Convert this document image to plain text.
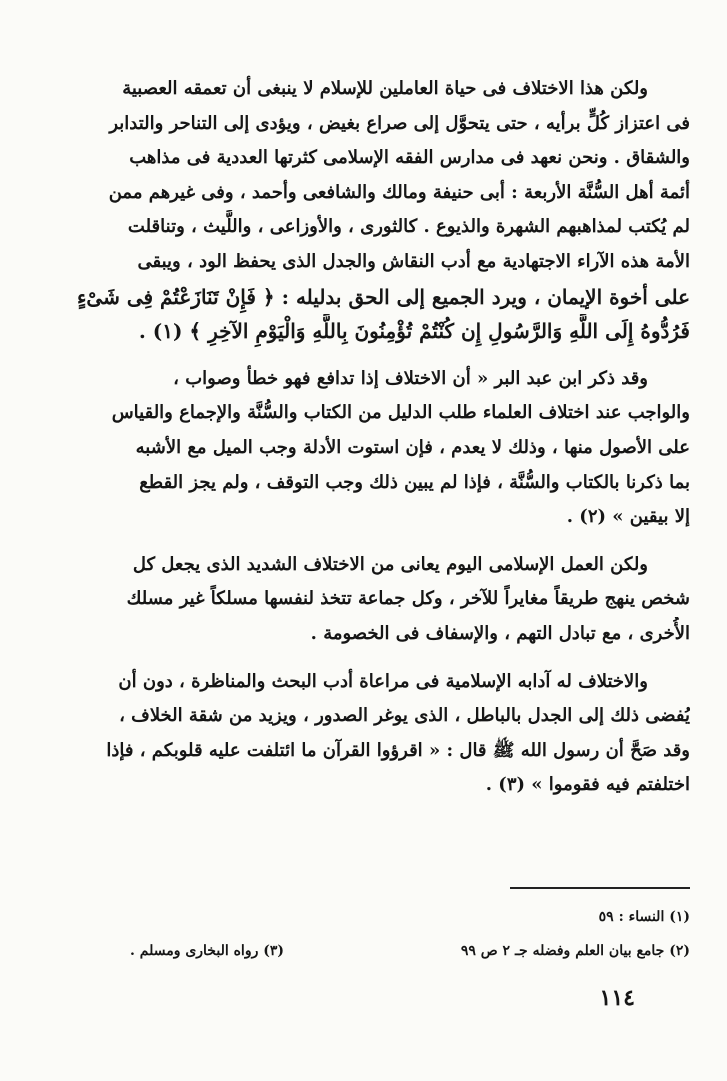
ولكن هذا الاختلاف فى حياة العاملين للإسلام لا ينبغى أن تعمقه العصبية
فى اعتزاز كُلٍّ برأيه ، حتى يتحوَّل إلى صراع بغيض ، ويؤدى إلى التناحر والتدابر
والشقاق . ونحن نعهد فى مدارس الفقه الإسلامى كثرتها العددية فى مذاهب
أئمة أهل السُّنَّة الأربعة : أبى حنيفة ومالك والشافعى وأحمد ، وفى غيرهم ممن
لم يُكتب لمذاهبهم الشهرة والذيوع . كالثورى ، والأوزاعى ، واللَّيث ، وتناقلت
الأمة هذه الآراء الاجتهادية مع أدب النقاش والجدل الذى يحفظ الود ، ويبقى
على أخوة الإيمان ، ويرد الجميع إلى الحق بدليله : ﴿ فَإِنْ تَنَازَعْتُمْ فِى شَىْءٍ
فَرُدُّوهُ إِلَى اللَّهِ وَالرَّسُولِ إِن كُنْتُمْ تُؤْمِنُونَ بِاللَّهِ وَالْيَوْمِ الآخِرِ ﴾ (١) .
وقد ذكر ابن عبد البر « أن الاختلاف إذا تدافع فهو خطأ وصواب ،
والواجب عند اختلاف العلماء طلب الدليل من الكتاب والسُّنَّة والإجماع والقياس
على الأصول منها ، وذلك لا يعدم ، فإن استوت الأدلة وجب الميل مع الأشبه
بما ذكرنا بالكتاب والسُّنَّة ، فإذا لم يبين ذلك وجب التوقف ، ولم يجز القطع
إلا بيقين » (٢) .
ولكن العمل الإسلامى اليوم يعانى من الاختلاف الشديد الذى يجعل كل
شخص ينهج طريقاً مغايراً للآخر ، وكل جماعة تتخذ لنفسها مسلكاً غير مسلك
الأُخرى ، مع تبادل التهم ، والإسفاف فى الخصومة .
والاختلاف له آدابه الإسلامية فى مراعاة أدب البحث والمناظرة ، دون أن
يُفضى ذلك إلى الجدل بالباطل ، الذى يوغر الصدور ، ويزيد من شقة الخلاف ،
وقد صَحَّ أن رسول الله ﷺ قال : « اقرؤوا القرآن ما ائتلفت عليه قلوبكم ، فإذا
اختلفتم فيه فقوموا » (٣) .
(١) النساء : ٥٩
(٢) جامع بيان العلم وفضله جـ ٢ ص ٩٩
(٣) رواه البخارى ومسلم .
١١٤
